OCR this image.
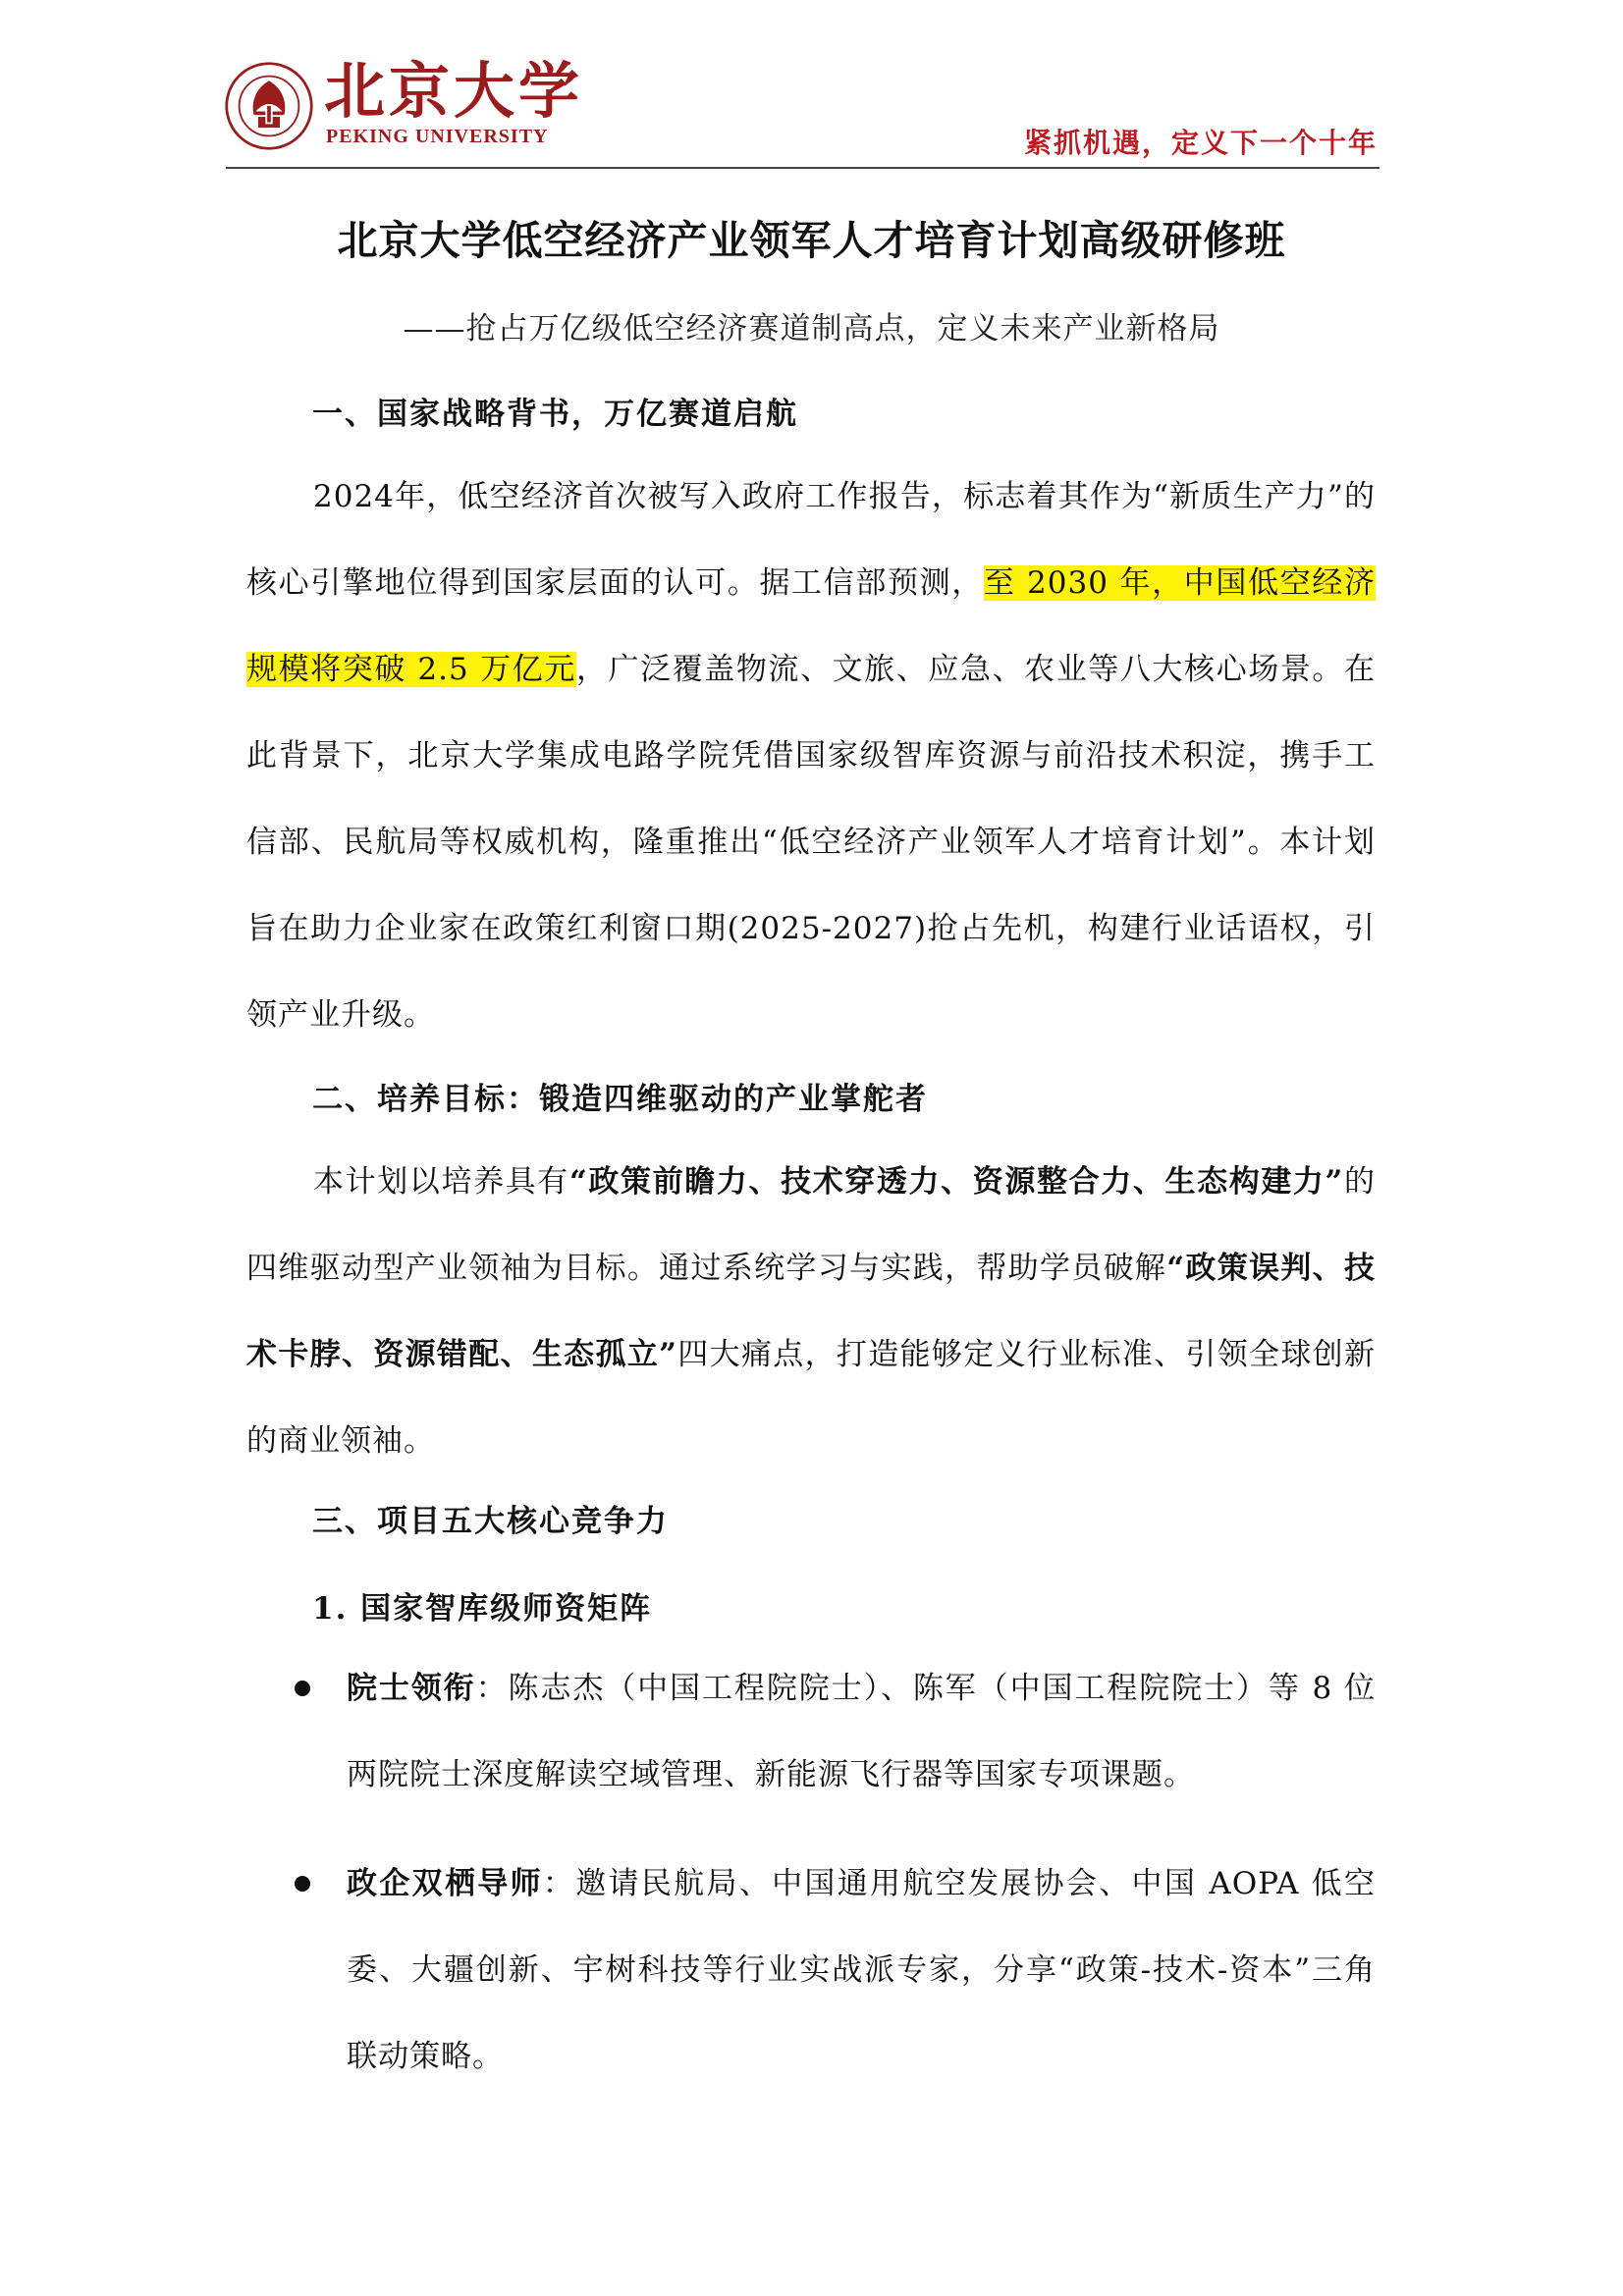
北京大学
PEKING UNIVERSITY	紧抓机遇，定义下一个十年
北京大学低空经济产业领军人才培育计划高级研修班
——抢占万亿级低空经济赛道制高点，定义未来产业新格局
一、国家战略背书，万亿赛道启航
2024年，低空经济首次被写入政府工作报告，标志着其作为“新质生产力”的核心引擎地位得到国家层面的认可。据工信部预测，至 2030 年，中国低空经济规模将突破 2.5 万亿元，广泛覆盖物流、文旅、应急、农业等八大核心场景。在此背景下，北京大学集成电路学院凭借国家级智库资源与前沿技术积淀，携手工信部、民航局等权威机构，隆重推出“低空经济产业领军人才培育计划”。本计划旨在助力企业家在政策红利窗口期(2025-2027)抢占先机，构建行业话语权，引领产业升级。
二、培养目标：锻造四维驱动的产业掌舵者
本计划以培养具有“政策前瞻力、技术穿透力、资源整合力、生态构建力”的四维驱动型产业领袖为目标。通过系统学习与实践，帮助学员破解“政策误判、技术卡脖、资源错配、生态孤立”四大痛点，打造能够定义行业标准、引领全球创新的商业领袖。
三、项目五大核心竞争力
1. 国家智库级师资矩阵
院士领衔：陈志杰（中国工程院院士）、陈军（中国工程院院士）等 8 位两院院士深度解读空域管理、新能源飞行器等国家专项课题。
政企双栖导师：邀请民航局、中国通用航空发展协会、中国 AOPA 低空委、大疆创新、宇树科技等行业实战派专家，分享“政策-技术-资本”三角联动策略。
